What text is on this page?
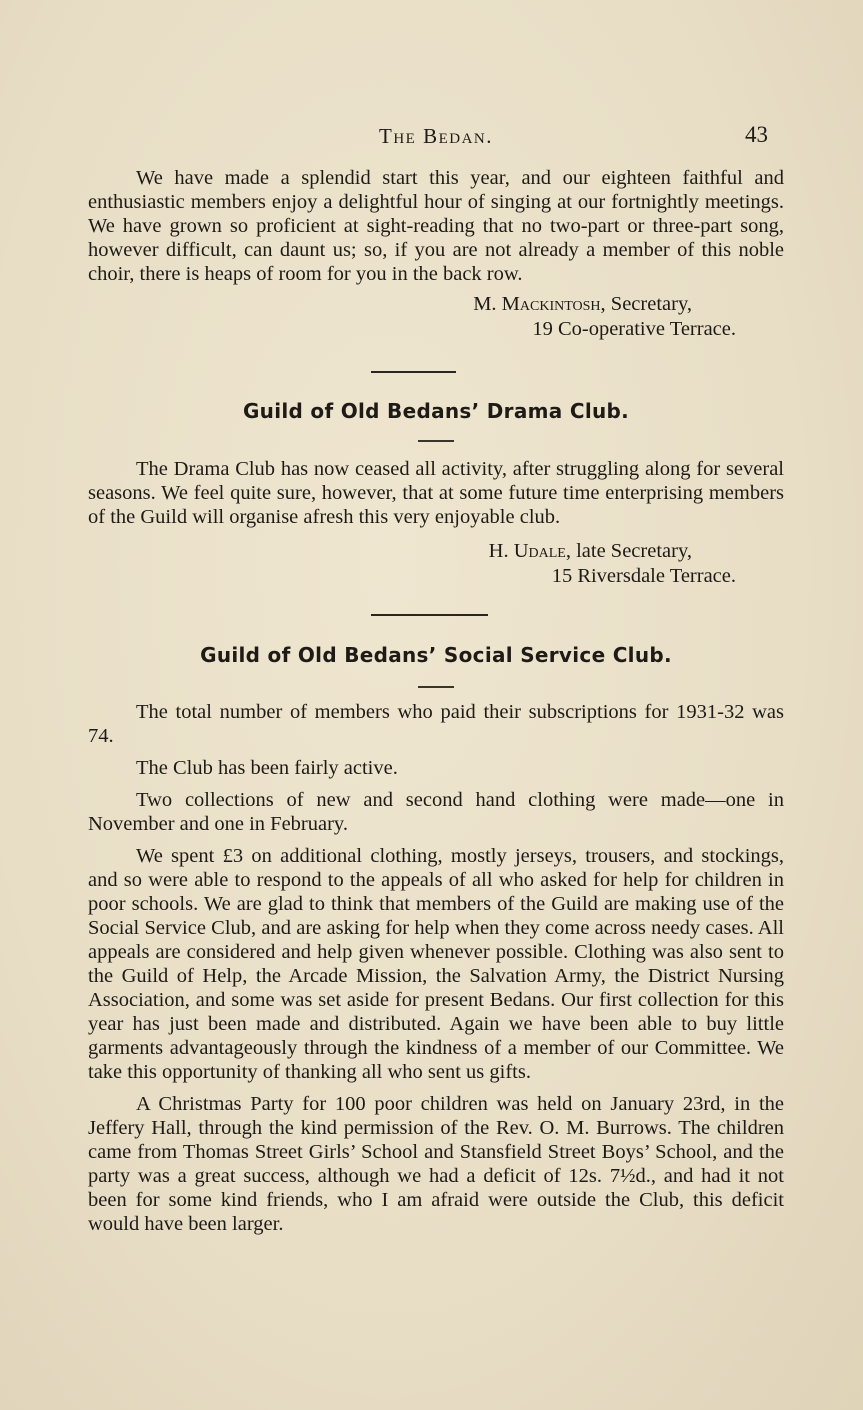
The Bedan.	43

We have made a splendid start this year, and our eighteen faithful and enthusiastic members enjoy a delightful hour of singing at our fortnightly meetings. We have grown so proficient at sight-reading that no two-part or three-part song, however difficult, can daunt us; so, if you are not already a member of this noble choir, there is heaps of room for you in the back row.

M. Mackintosh, Secretary,
19 Co-operative Terrace.

Guild of Old Bedans’ Drama Club.

The Drama Club has now ceased all activity, after struggling along for several seasons. We feel quite sure, however, that at some future time enterprising members of the Guild will organise afresh this very enjoyable club.

H. Udale, late Secretary,
15 Riversdale Terrace.

Guild of Old Bedans’ Social Service Club.

The total number of members who paid their subscriptions for 1931-32 was 74.

The Club has been fairly active.

Two collections of new and second hand clothing were made—one in November and one in February.

We spent £3 on additional clothing, mostly jerseys, trousers, and stockings, and so were able to respond to the appeals of all who asked for help for children in poor schools. We are glad to think that members of the Guild are making use of the Social Service Club, and are asking for help when they come across needy cases. All appeals are considered and help given whenever possible. Clothing was also sent to the Guild of Help, the Arcade Mission, the Salvation Army, the District Nursing Association, and some was set aside for present Bedans. Our first collection for this year has just been made and distributed. Again we have been able to buy little garments advantageously through the kindness of a member of our Committee. We take this opportunity of thanking all who sent us gifts.

A Christmas Party for 100 poor children was held on January 23rd, in the Jeffery Hall, through the kind permission of the Rev. O. M. Burrows. The children came from Thomas Street Girls’ School and Stansfield Street Boys’ School, and the party was a great success, although we had a deficit of 12s. 7½d., and had it not been for some kind friends, who I am afraid were outside the Club, this deficit would have been larger.
